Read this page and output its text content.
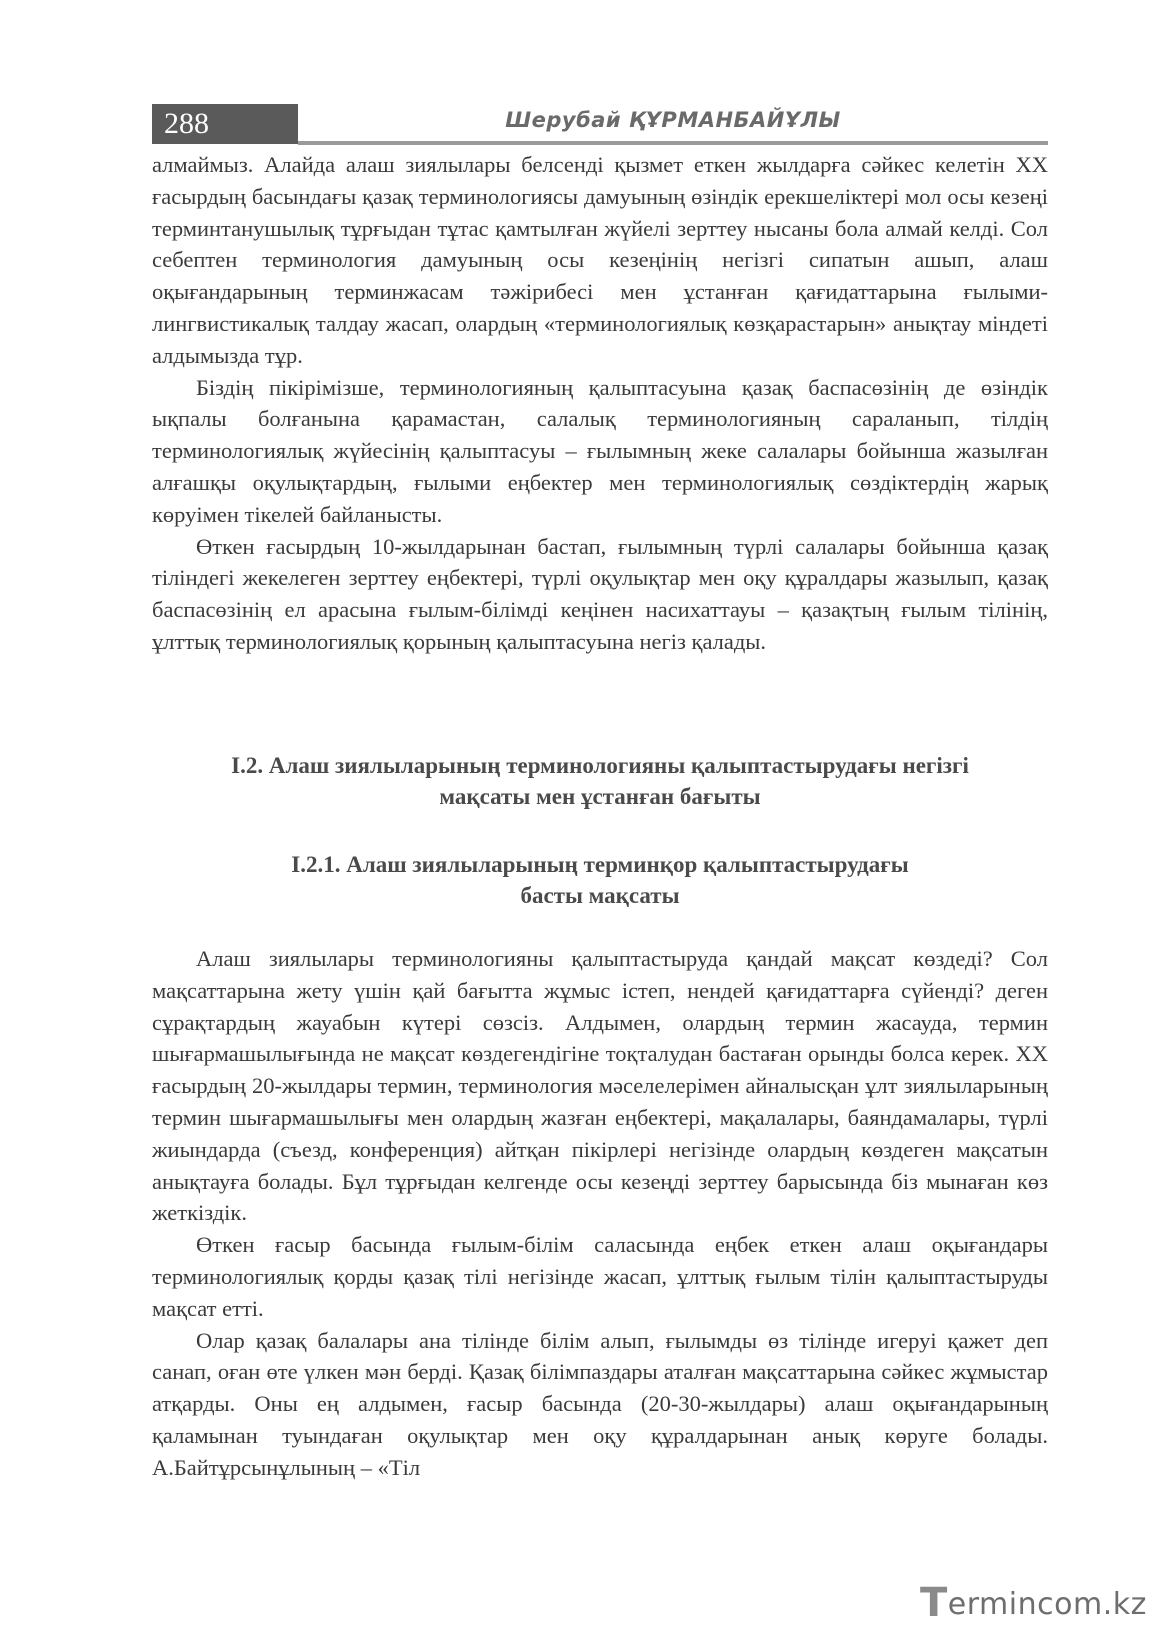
288	Шерубай ҚҰРМАНБАЙҰЛЫ

алмаймыз. Алайда алаш зиялылары белсенді қызмет еткен жылдарға сәйкес келетін ХХ ғасырдың басындағы қазақ терминологиясы дамуының өзіндік ерекшеліктері мол осы кезеңі терминтанушылық тұрғыдан тұтас қамтылған жүйелі зерттеу нысаны бола алмай келді. Сол себептен терминология дамуының осы кезеңінің негізгі сипатын ашып, алаш оқығандарының терминжасам тәжірибесі мен ұстанған қағидаттарына ғылыми-лингвистикалық талдау жасап, олардың «терминологиялық көзқарастарын» анықтау міндеті алдымызда тұр.

Біздің пікірімізше, терминологияның қалыптасуына қазақ баспасөзінің де өзіндік ықпалы болғанына қарамастан, салалық терминологияның сараланып, тілдің терминологиялық жүйесінің қалыптасуы – ғылымның жеке салалары бойынша жазылған алғашқы оқулықтардың, ғылыми еңбектер мен терминологиялық сөздіктердің жарық көруімен тікелей байланысты.

Өткен ғасырдың 10-жылдарынан бастап, ғылымның түрлі салалары бойынша қазақ тіліндегі жекелеген зерттеу еңбектері, түрлі оқулықтар мен оқу құралдары жазылып, қазақ баспасөзінің ел арасына ғылым-білімді кеңінен насихаттауы – қазақтың ғылым тілінің, ұлттық терминологиялық қорының қалыптасуына негіз қалады.

І.2. Алаш зиялыларының терминологияны қалыптастырудағы негізгі
мақсаты мен ұстанған бағыты
І.2.1. Алаш зиялыларының терминқор қалыптастырудағы
басты мақсаты

Алаш зиялылары терминологияны қалыптастыруда қандай мақсат көздеді? Сол мақсаттарына жету үшін қай бағытта жұмыс істеп, нендей қағидаттарға сүйенді? деген сұрақтардың жауабын күтері сөзсіз. Алдымен, олардың термин жасауда, термин шығармашылығында не мақсат көздегендігіне тоқталудан бастаған орынды болса керек. ХХ ғасырдың 20-жылдары термин, терминология мәселелерімен айналысқан ұлт зиялыларының термин шығармашылығы мен олардың жазған еңбектері, мақалалары, баяндамалары, түрлі жиындарда (съезд, конференция) айтқан пікірлері негізінде олардың көздеген мақсатын анықтауға болады. Бұл тұрғыдан келгенде осы кезеңді зерттеу барысында біз мынаған көз жеткіздік.

Өткен ғасыр басында ғылым-білім саласында еңбек еткен алаш оқығандары терминологиялық қорды қазақ тілі негізінде жасап, ұлттық ғылым тілін қалыптастыруды мақсат етті.

Олар қазақ балалары ана тілінде білім алып, ғылымды өз тілінде игеруі қажет деп санап, оған өте үлкен мән берді. Қазақ білімпаздары аталған мақсаттарына сәйкес жұмыстар атқарды. Оны ең алдымен, ғасыр басында (20-30-жылдары) алаш оқығандарының қаламынан туындаған оқулықтар мен оқу құралдарынан анық көруге болады. А.Байтұрсынұлының – «Тіл

Termincom.kz
